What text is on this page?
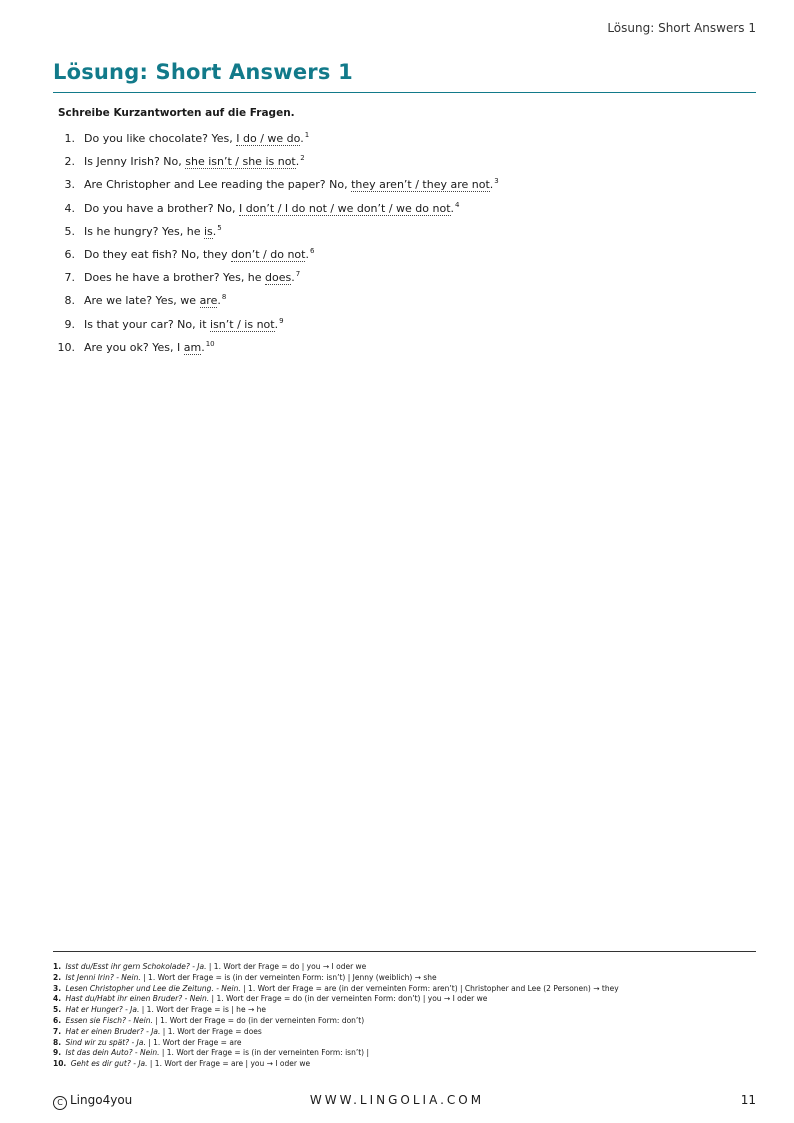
Lösung: Short Answers 1
Lösung: Short Answers 1
Schreibe Kurzantworten auf die Fragen.
1. Do you like chocolate? Yes, I do / we do.$^1$
2. Is Jenny Irish? No, she isn’t / she is not.$^2$
3. Are Christopher and Lee reading the paper? No, they aren’t / they are not.$^3$
4. Do you have a brother? No, I don’t / I do not / we don’t / we do not.$^4$
5. Is he hungry? Yes, he is.$^5$
6. Do they eat fish? No, they don’t / do not.$^6$
7. Does he have a brother? Yes, he does.$^7$
8. Are we late? Yes, we are.$^8$
9. Is that your car? No, it isn’t / is not.$^9$
10. Are you ok? Yes, I am.$^{10}$
1. Isst du/Esst ihr gern Schokolade? - Ja. | 1. Wort der Frage = do | you → I oder we
2. Ist Jenni Irin? - Nein. | 1. Wort der Frage = is (in der verneinten Form: isn’t) | Jenny (weiblich) → she
3. Lesen Christopher und Lee die Zeitung. - Nein. | 1. Wort der Frage = are (in der verneinten Form: aren’t) | Christopher and Lee (2 Personen) → they
4. Hast du/Habt ihr einen Bruder? - Nein. | 1. Wort der Frage = do (in der verneinten Form: don’t) | you → I oder we
5. Hat er Hunger? - Ja. | 1. Wort der Frage = is | he → he
6. Essen sie Fisch? - Nein. | 1. Wort der Frage = do (in der verneinten Form: don’t)
7. Hat er einen Bruder? - Ja. | 1. Wort der Frage = does
8. Sind wir zu spät? - Ja. | 1. Wort der Frage = are
9. Ist das dein Auto? - Nein. | 1. Wort der Frage = is (in der verneinten Form: isn’t) |
10. Geht es dir gut? - Ja. | 1. Wort der Frage = are | you → I oder we
C Lingo4you	WWW.LINGOLIA.COM	11
